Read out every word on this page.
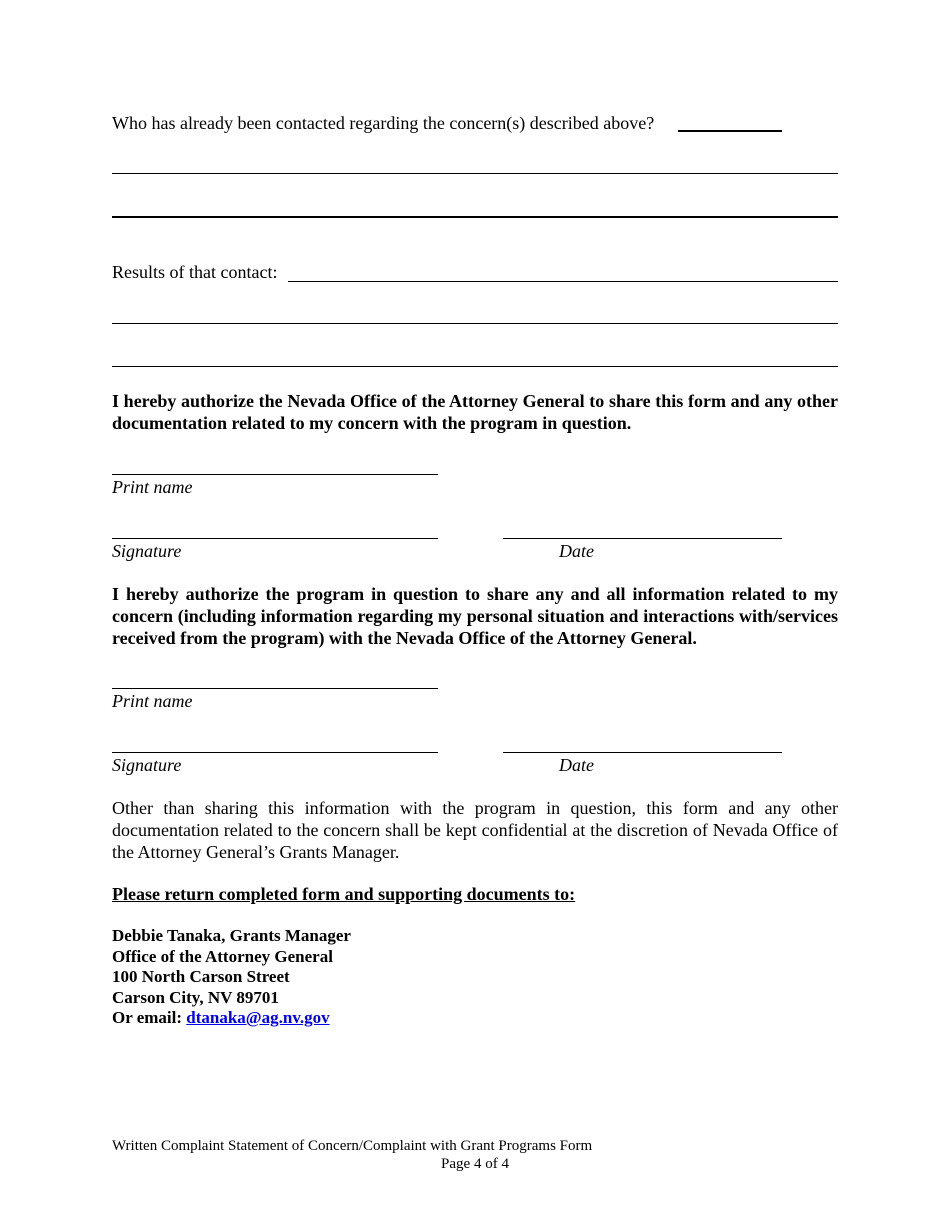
Who has already been contacted regarding the concern(s) described above?
Results of that contact:
I hereby authorize the Nevada Office of the Attorney General to share this form and any other documentation related to my concern with the program in question.
Print name
Signature	Date
I hereby authorize the program in question to share any and all information related to my concern (including information regarding my personal situation and interactions with/services received from the program) with the Nevada Office of the Attorney General.
Print name
Signature	Date
Other than sharing this information with the program in question, this form and any other documentation related to the concern shall be kept confidential at the discretion of Nevada Office of the Attorney General’s Grants Manager.
Please return completed form and supporting documents to:
Debbie Tanaka, Grants Manager
Office of the Attorney General
100 North Carson Street
Carson City, NV 89701
Or email: dtanaka@ag.nv.gov
Written Complaint Statement of Concern/Complaint with Grant Programs Form
Page 4 of 4
